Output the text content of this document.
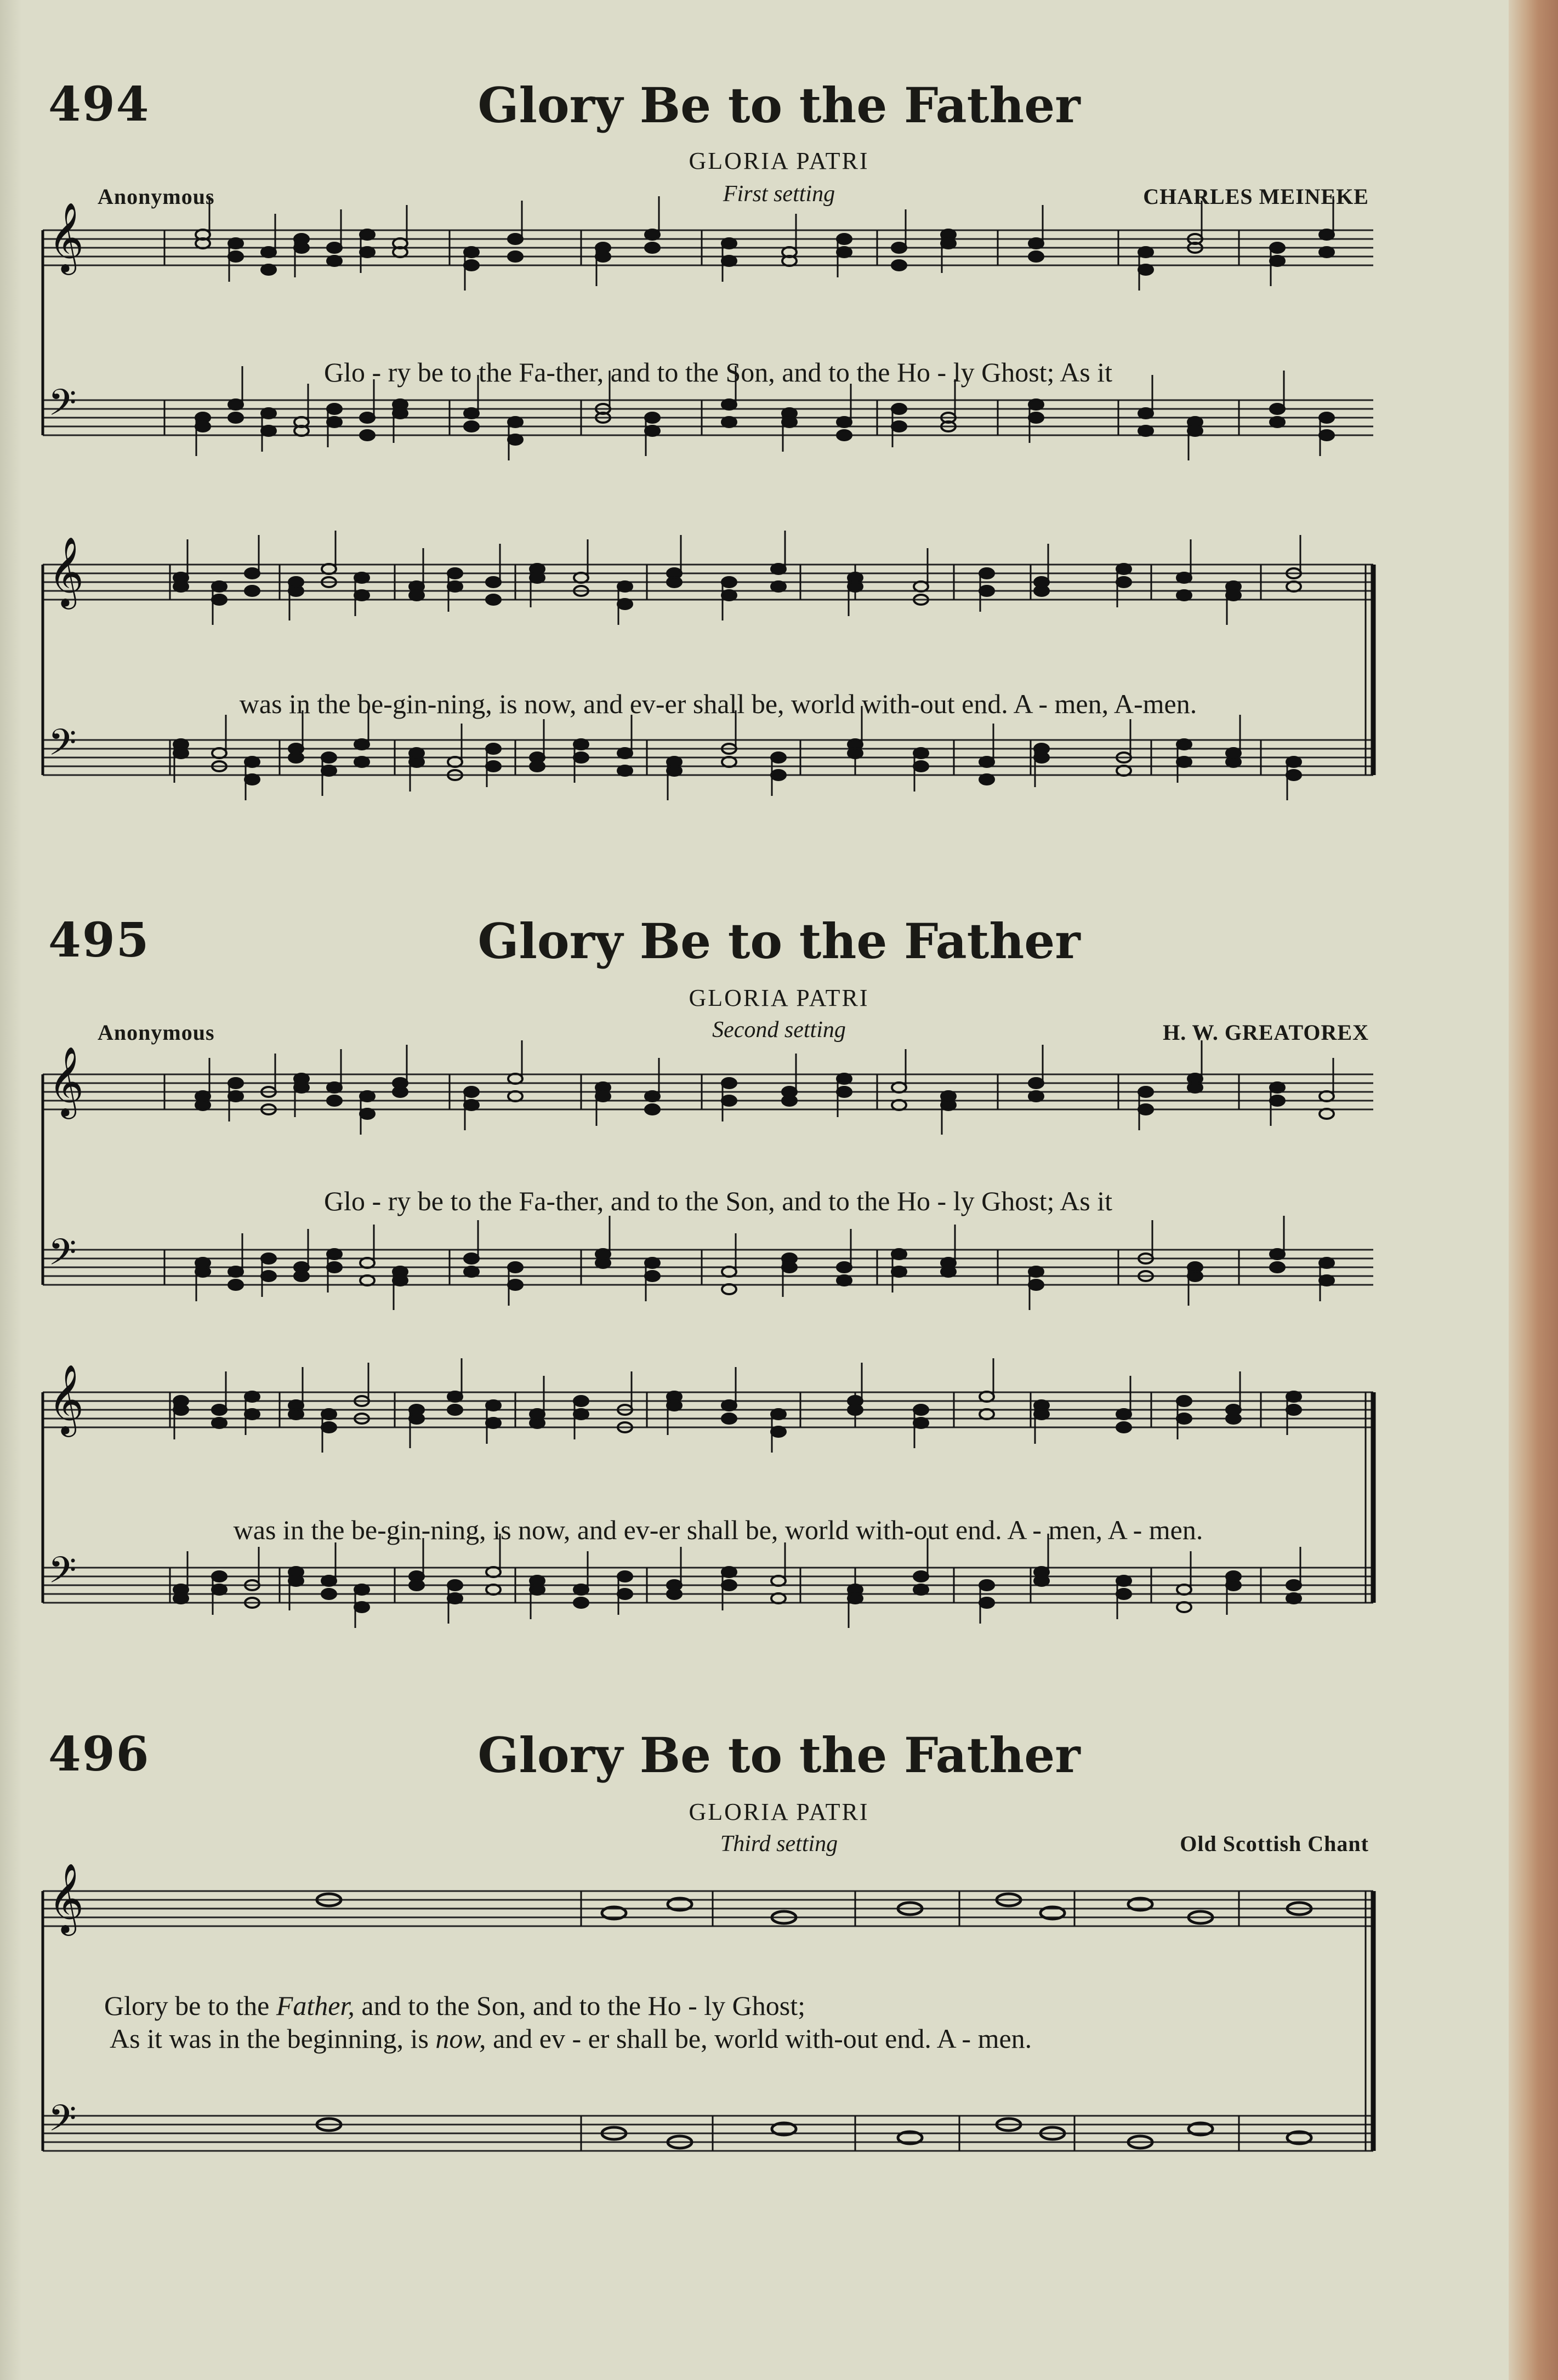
494	Glory Be to the Father
GLORIA PATRI
Anonymous	First setting	CHARLES MEINEKE
Glo - ry be to the Fa-ther, and to the Son, and to the Ho - ly Ghost; As it
was in the be-gin-ning, is now, and ev-er shall be, world with-out end. A - men, A-men.
495	Glory Be to the Father
GLORIA PATRI
Anonymous	Second setting	H. W. GREATOREX
Glo - ry be to the Fa-ther, and to the Son, and to the Ho - ly Ghost; As it
was in the be-gin-ning, is now, and ev-er shall be, world with-out end. A - men, A - men.
496	Glory Be to the Father
GLORIA PATRI
Third setting	Old Scottish Chant
Glory be to the Father, and to the Son, and to the Ho - ly Ghost;
As it was in the beginning, is now, and ev - er shall be, world with-out end. A - men.
𝄞
𝄢
𝄞
𝄢
𝄞
𝄢
𝄞
𝄢
𝄞
𝄢
